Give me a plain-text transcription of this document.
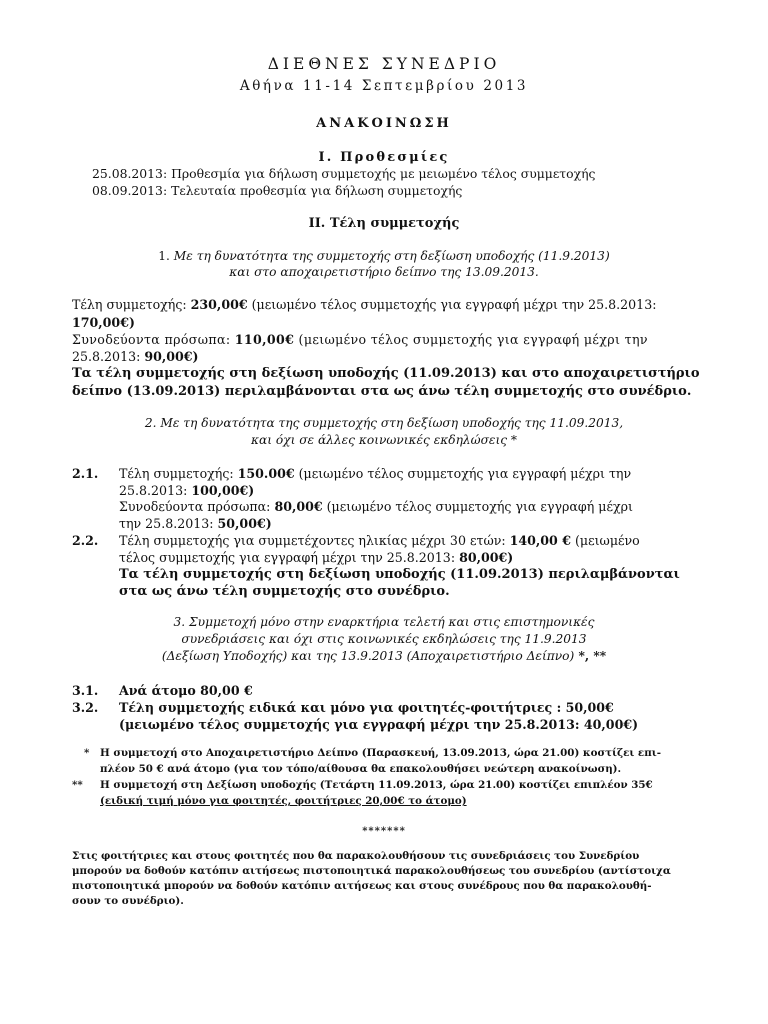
ΔΙΕΘΝΕΣ ΣΥΝΕΔΡΙΟ
Αθήνα 11-14 Σεπτεμβρίου 2013
ΑΝΑΚΟΙΝΩΣΗ
Ι. Προθεσμίες
25.08.2013: Προθεσμία για δήλωση συμμετοχής με μειωμένο τέλος συμμετοχής
08.09.2013: Τελευταία προθεσμία για δήλωση συμμετοχής
ΙΙ. Τέλη συμμετοχής
1. Με τη δυνατότητα της συμμετοχής στη δεξίωση υποδοχής (11.9.2013)
και στο αποχαιρετιστήριο δείπνο της 13.09.2013.
Τέλη συμμετοχής: 230,00€ (μειωμένο τέλος συμμετοχής για εγγραφή μέχρι την 25.8.2013:
170,00€)
Συνοδεύοντα πρόσωπα: 110,00€ (μειωμένο τέλος συμμετοχής για εγγραφή μέχρι την
25.8.2013: 90,00€)
Τα τέλη συμμετοχής στη δεξίωση υποδοχής (11.09.2013) και στο αποχαιρετιστήριο
δείπνο (13.09.2013) περιλαμβάνονται στα ως άνω τέλη συμμετοχής στο συνέδριο.
2. Με τη δυνατότητα της συμμετοχής στη δεξίωση υποδοχής της 11.09.2013,
και όχι σε άλλες κοινωνικές εκδηλώσεις *
2.1. Τέλη συμμετοχής: 150.00€ (μειωμένο τέλος συμμετοχής για εγγραφή μέχρι την
25.8.2013: 100,00€)
Συνοδεύοντα πρόσωπα: 80,00€ (μειωμένο τέλος συμμετοχής για εγγραφή μέχρι
την 25.8.2013: 50,00€)
2.2. Τέλη συμμετοχής για συμμετέχοντες ηλικίας μέχρι 30 ετών: 140,00 € (μειωμένο
τέλος συμμετοχής για εγγραφή μέχρι την 25.8.2013: 80,00€)
Τα τέλη συμμετοχής στη δεξίωση υποδοχής (11.09.2013) περιλαμβάνονται
στα ως άνω τέλη συμμετοχής στο συνέδριο.
3. Συμμετοχή μόνο στην εναρκτήρια τελετή και στις επιστημονικές
συνεδριάσεις και όχι στις κοινωνικές εκδηλώσεις της 11.9.2013
(Δεξίωση Υποδοχής) και της 13.9.2013 (Αποχαιρετιστήριο Δείπνο) *, **
3.1. Ανά άτομο 80,00 €
3.2. Τέλη συμμετοχής ειδικά και μόνο για φοιτητές-φοιτήτριες : 50,00€
(μειωμένο τέλος συμμετοχής για εγγραφή μέχρι την 25.8.2013: 40,00€)
* Η συμμετοχή στο Αποχαιρετιστήριο Δείπνο (Παρασκευή, 13.09.2013, ώρα 21.00) κοστίζει επι-
πλέον 50 € ανά άτομο (για τον τόπο/αίθουσα θα επακολουθήσει νεώτερη ανακοίνωση).
** Η συμμετοχή στη Δεξίωση υποδοχής (Τετάρτη 11.09.2013, ώρα 21.00) κοστίζει επιπλέον 35€
(ειδική τιμή μόνο για φοιτητές, φοιτήτριες 20,00€ το άτομο)
*******
Στις φοιτήτριες και στους φοιτητές που θα παρακολουθήσουν τις συνεδριάσεις του Συνεδρίου
μπορούν να δοθούν κατόπιν αιτήσεως πιστοποιητικά παρακολουθήσεως του συνεδρίου (αντίστοιχα
πιστοποιητικά μπορούν να δοθούν κατόπιν αιτήσεως και στους συνέδρους που θα παρακολουθή-
σουν το συνέδριο).
